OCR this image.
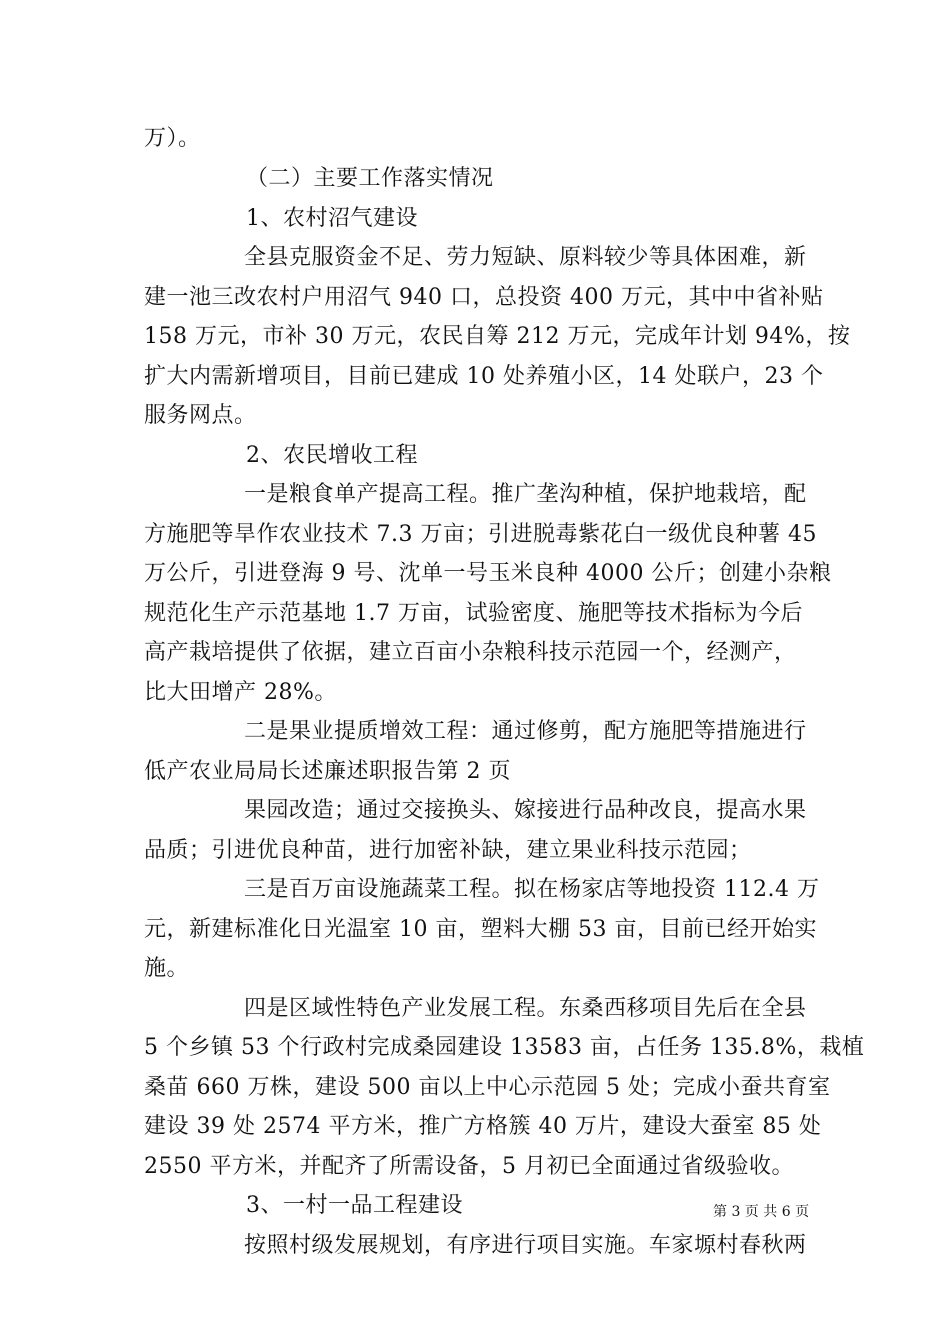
万）。
（二）主要工作落实情况
1、农村沼气建设
全县克服资金不足、劳力短缺、原料较少等具体困难，新
建一池三改农村户用沼气 940 口，总投资 400 万元，其中中省补贴
158 万元，市补 30 万元，农民自筹 212 万元，完成年计划 94%，按
扩大内需新增项目，目前已建成 10 处养殖小区，14 处联户，23 个
服务网点。
2、农民增收工程
一是粮食单产提高工程。推广垄沟种植，保护地栽培，配
方施肥等旱作农业技术 7.3 万亩；引进脱毒紫花白一级优良种薯 45
万公斤，引进登海 9 号、沈单一号玉米良种 4000 公斤；创建小杂粮
规范化生产示范基地 1.7 万亩，试验密度、施肥等技术指标为今后
高产栽培提供了依据，建立百亩小杂粮科技示范园一个，经测产，
比大田增产 28%。
二是果业提质增效工程：通过修剪，配方施肥等措施进行
低产农业局局长述廉述职报告第 2 页
果园改造；通过交接换头、嫁接进行品种改良，提高水果
品质；引进优良种苗，进行加密补缺，建立果业科技示范园；
三是百万亩设施蔬菜工程。拟在杨家店等地投资 112.4 万
元，新建标准化日光温室 10 亩，塑料大棚 53 亩，目前已经开始实
施。
四是区域性特色产业发展工程。东桑西移项目先后在全县
5 个乡镇 53 个行政村完成桑园建设 13583 亩，占任务 135.8%，栽植
桑苗 660 万株，建设 500 亩以上中心示范园 5 处；完成小蚕共育室
建设 39 处 2574 平方米，推广方格簇 40 万片，建设大蚕室 85 处
2550 平方米，并配齐了所需设备，5 月初已全面通过省级验收。
3、一村一品工程建设
按照村级发展规划，有序进行项目实施。车家塬村春秋两
第 3 页 共 6 页
